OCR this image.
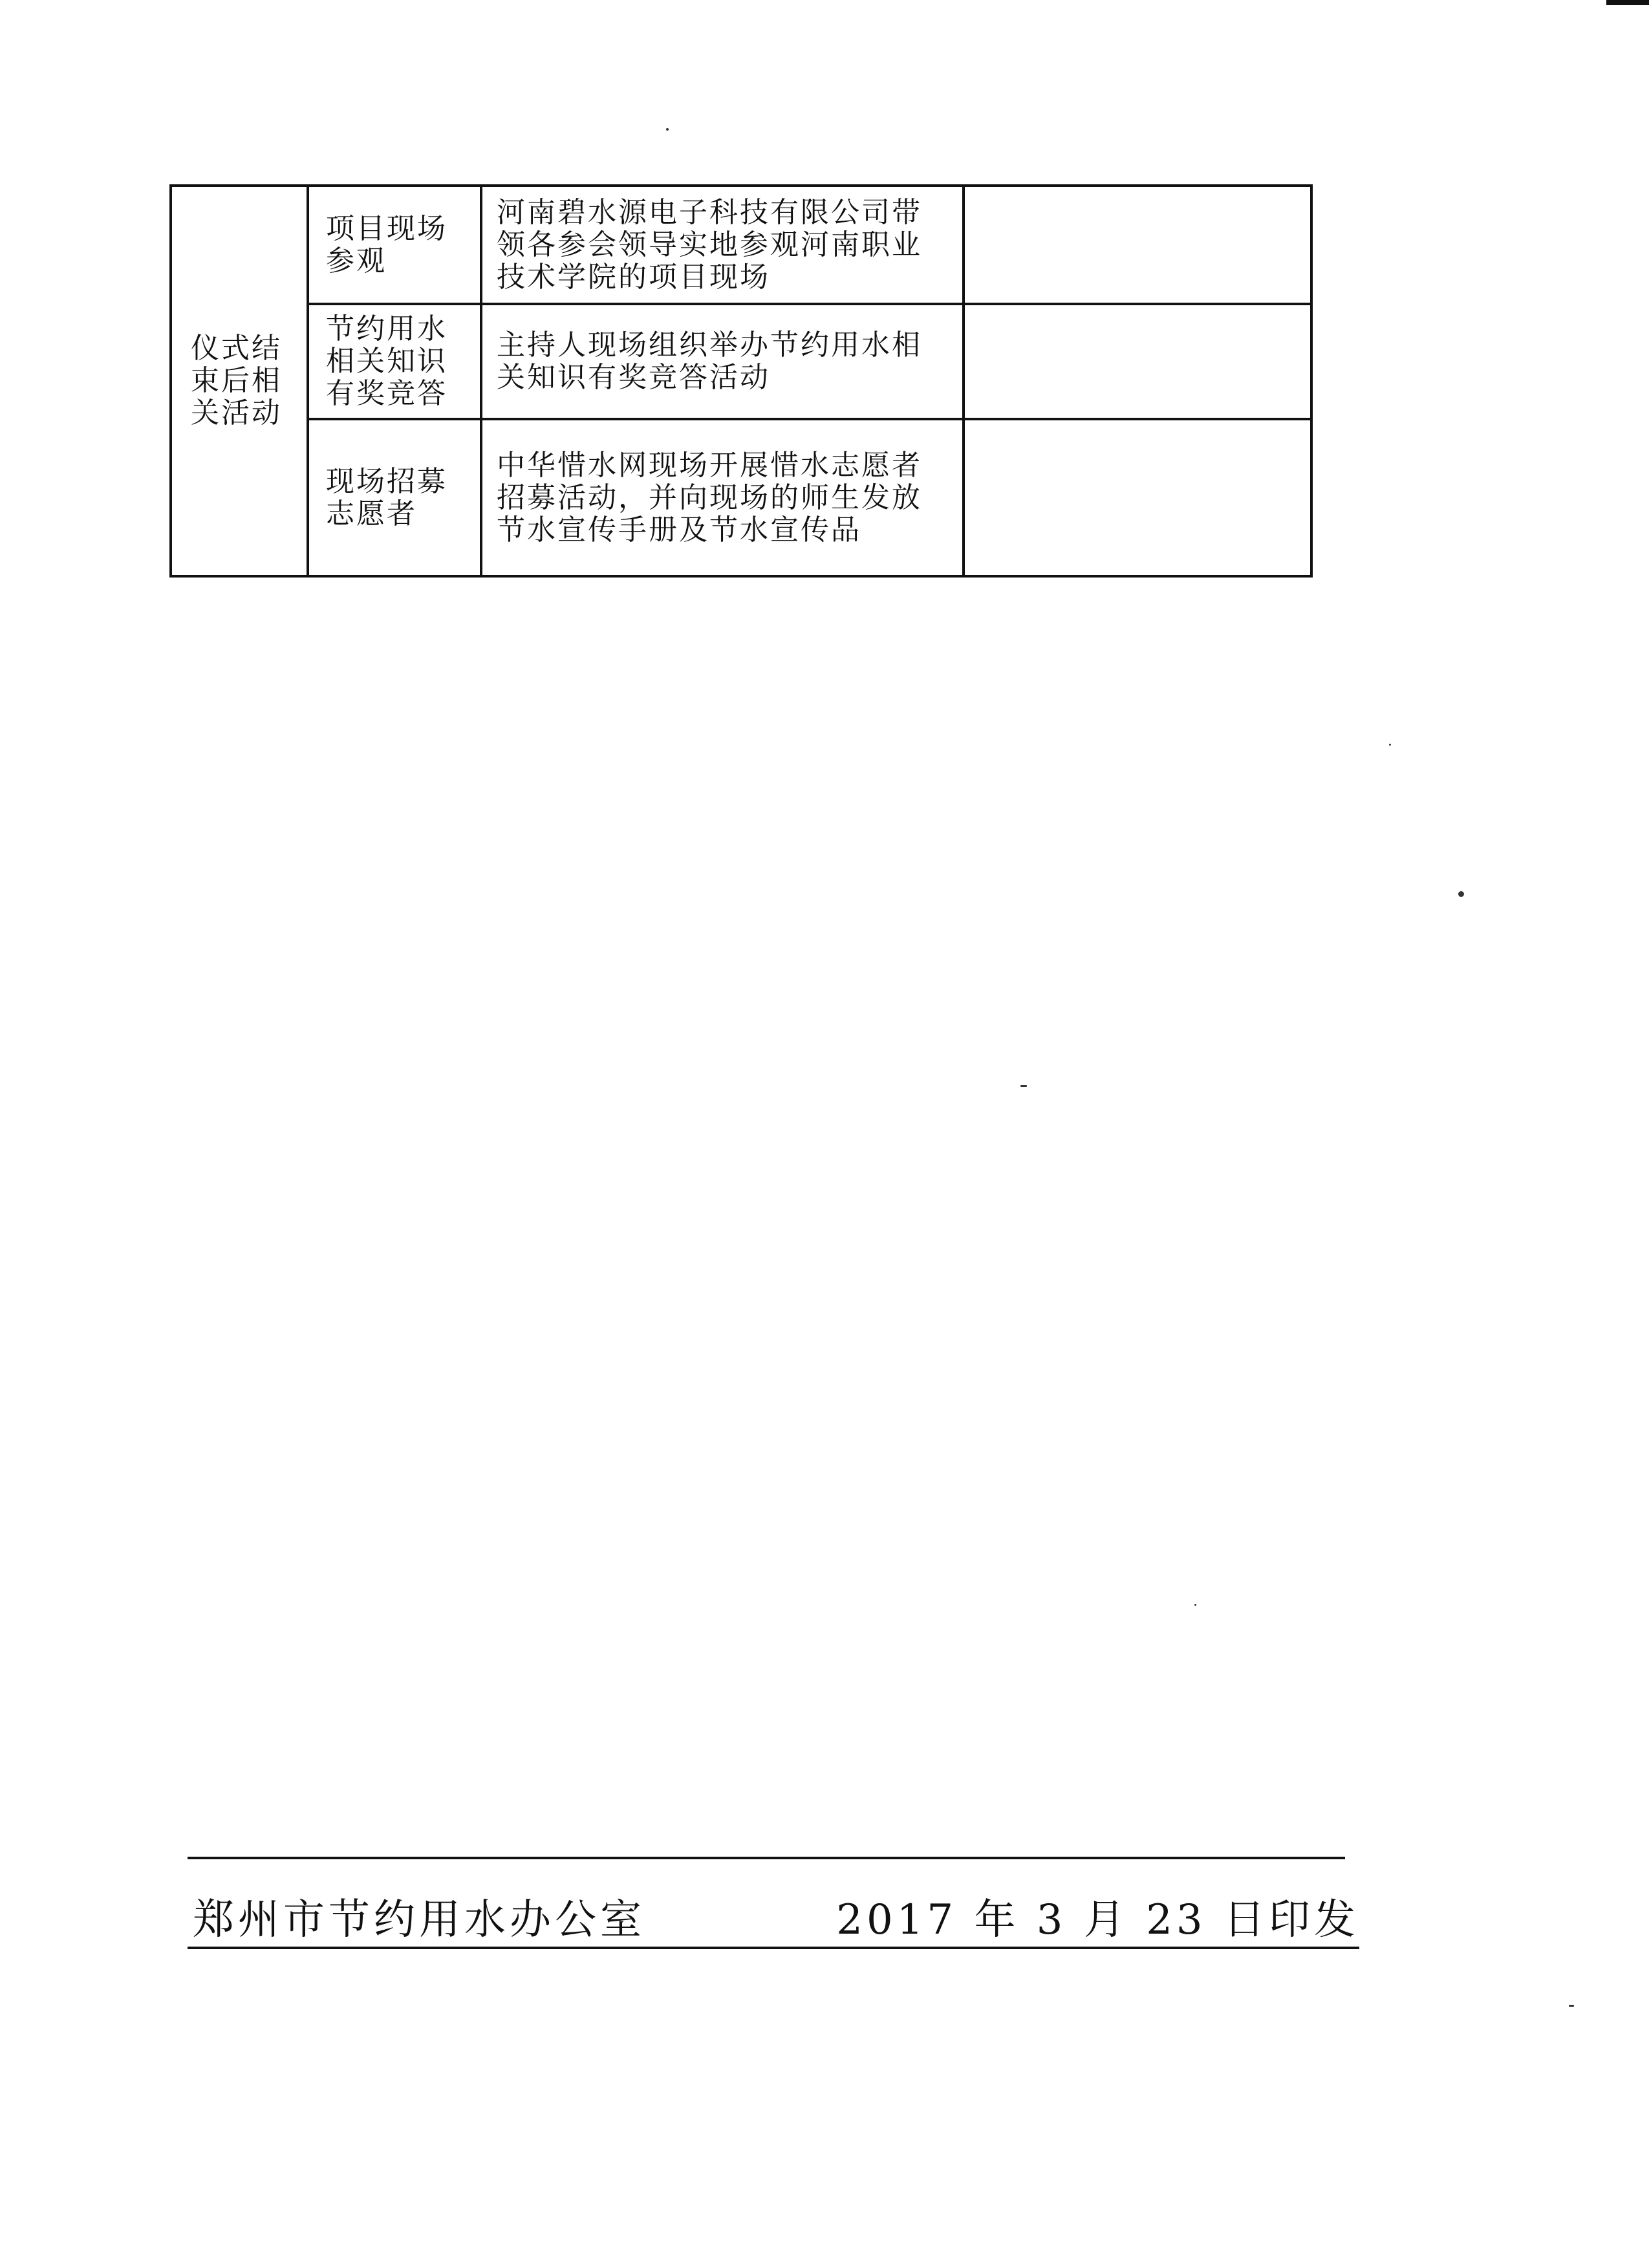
仪式结束后相关活动	项目现场参观	河南碧水源电子科技有限公司带领各参会领导实地参观河南职业技术学院的项目现场	

	节约用水相关知识有奖竞答	主持人现场组织举办节约用水相关知识有奖竞答活动	

	现场招募志愿者	中华惜水网现场开展惜水志愿者招募活动，并向现场的师生发放节水宣传手册及节水宣传品	

郑州市节约用水办公室	2017 年 3 月 23 日印发
